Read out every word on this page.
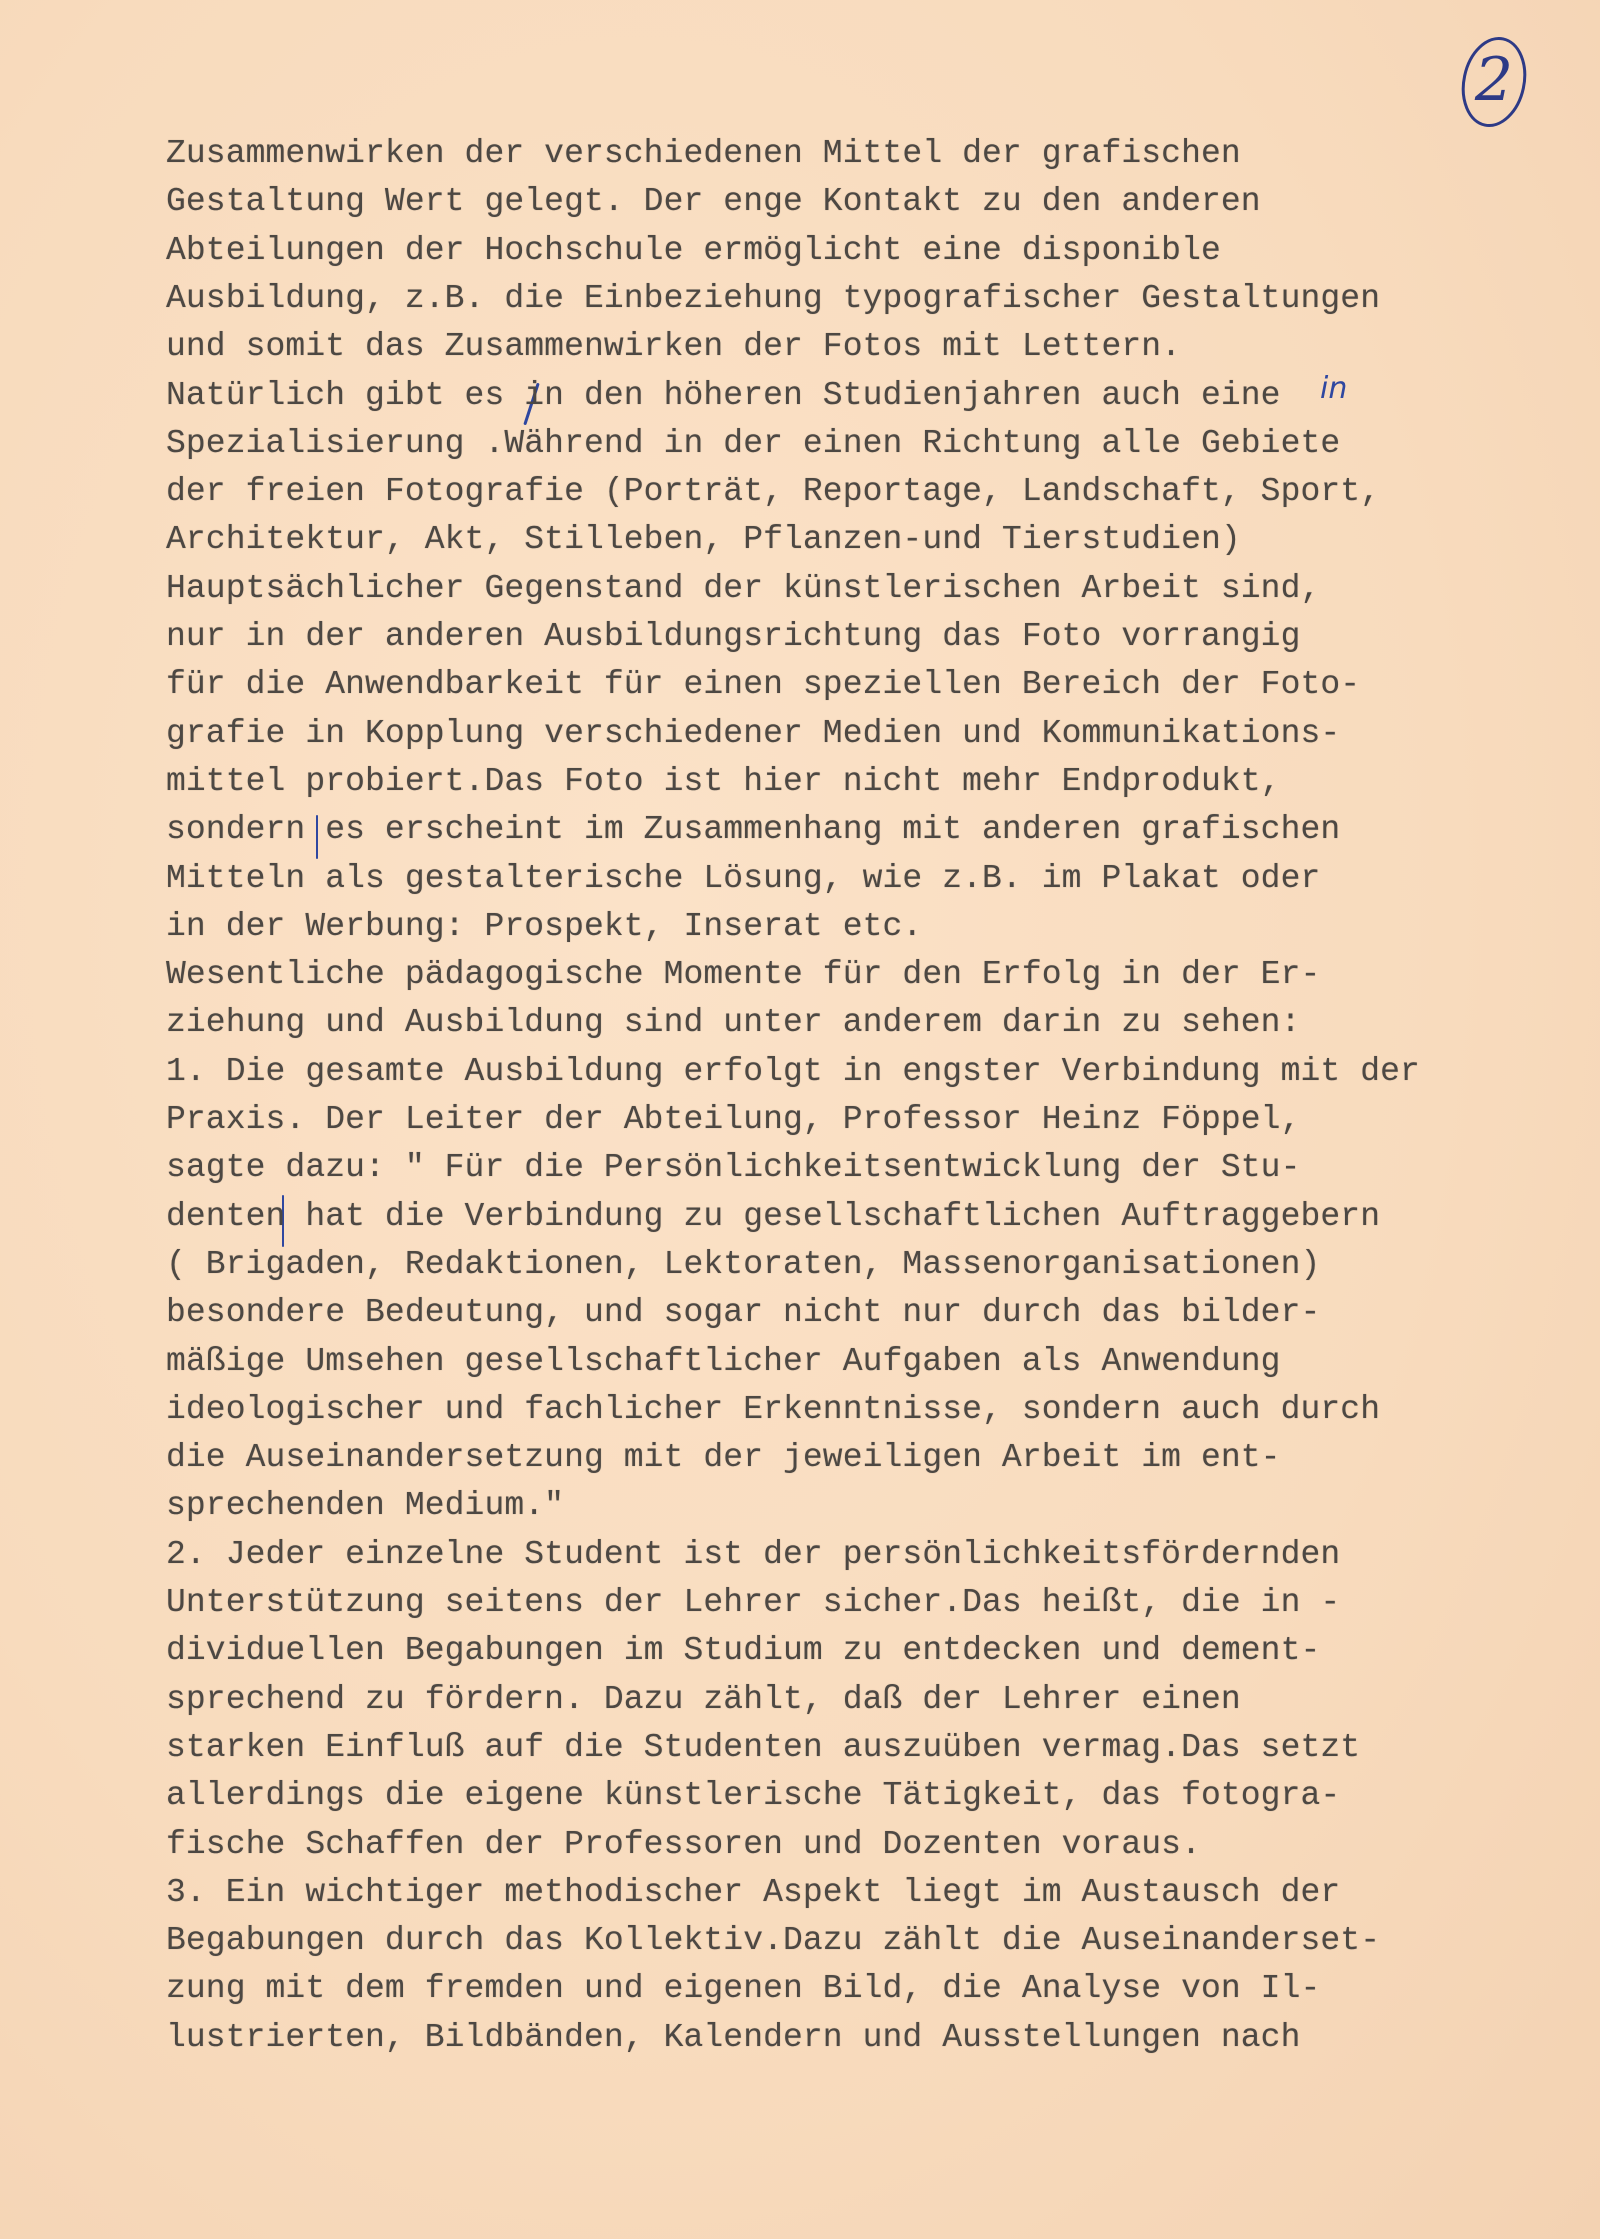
2
in
Zusammenwirken der verschiedenen Mittel der grafischen
Gestaltung Wert gelegt. Der enge Kontakt zu den anderen
Abteilungen der Hochschule ermöglicht eine disponible
Ausbildung, z.B. die Einbeziehung typografischer Gestaltungen
und somit das Zusammenwirken der Fotos mit Lettern.
Natürlich gibt es in den höheren Studienjahren auch eine
Spezialisierung .Während in der einen Richtung alle Gebiete
der freien Fotografie (Porträt, Reportage, Landschaft, Sport,
Architektur, Akt, Stilleben, Pflanzen-und Tierstudien)
Hauptsächlicher Gegenstand der künstlerischen Arbeit sind,
nur in der anderen Ausbildungsrichtung das Foto vorrangig
für die Anwendbarkeit für einen speziellen Bereich der Foto-
grafie in Kopplung verschiedener Medien und Kommunikations-
mittel probiert.Das Foto ist hier nicht mehr Endprodukt,
sondern es erscheint im Zusammenhang mit anderen grafischen
Mitteln als gestalterische Lösung, wie z.B. im Plakat oder
in der Werbung: Prospekt, Inserat etc.
Wesentliche pädagogische Momente für den Erfolg in der Er-
ziehung und Ausbildung sind unter anderem darin zu sehen:
1. Die gesamte Ausbildung erfolgt in engster Verbindung mit der
Praxis. Der Leiter der Abteilung, Professor Heinz Föppel,
sagte dazu: " Für die Persönlichkeitsentwicklung der Stu-
denten hat die Verbindung zu gesellschaftlichen Auftraggebern
( Brigaden, Redaktionen, Lektoraten, Massenorganisationen)
besondere Bedeutung, und sogar nicht nur durch das bilder-
mäßige Umsehen gesellschaftlicher Aufgaben als Anwendung
ideologischer und fachlicher Erkenntnisse, sondern auch durch
die Auseinandersetzung mit der jeweiligen Arbeit im ent-
sprechenden Medium."
2. Jeder einzelne Student ist der persönlichkeitsfördernden
Unterstützung seitens der Lehrer sicher.Das heißt, die in -
dividuellen Begabungen im Studium zu entdecken und dement-
sprechend zu fördern. Dazu zählt, daß der Lehrer einen
starken Einfluß auf die Studenten auszuüben vermag.Das setzt
allerdings die eigene künstlerische Tätigkeit, das fotogra-
fische Schaffen der Professoren und Dozenten voraus.
3. Ein wichtiger methodischer Aspekt liegt im Austausch der
Begabungen durch das Kollektiv.Dazu zählt die Auseinanderset-
zung mit dem fremden und eigenen Bild, die Analyse von Il-
lustrierten, Bildbänden, Kalendern und Ausstellungen nach
